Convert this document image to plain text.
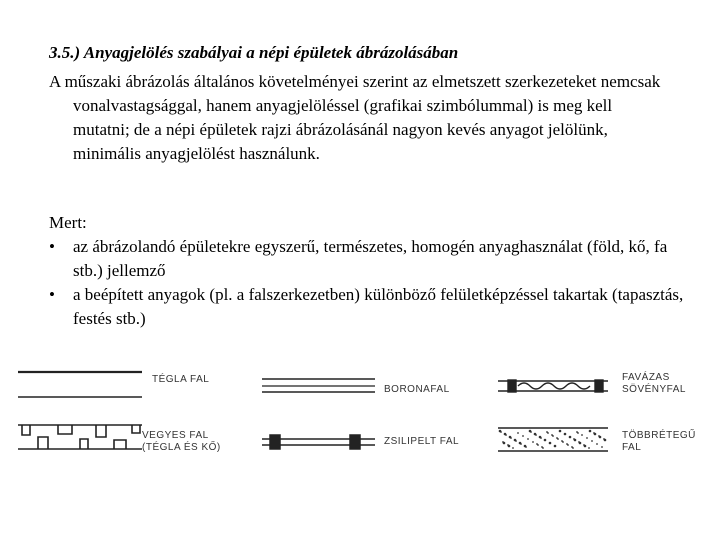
3.5.) Anyagjelölés szabályai a népi épületek ábrázolásában

A műszaki ábrázolás általános követelményei szerint az elmetszett szerkezeteket nemcsak vonalvastagsággal, hanem anyagjelöléssel (grafikai szimbólummal) is meg kell mutatni; de a népi épületek rajzi ábrázolásánál nagyon kevés anyagot jelölünk, minimális anyagjelölést használunk.

Mert:
• az ábrázolandó épületekre egyszerű, természetes, homogén anyaghasználat (föld, kő, fa stb.) jellemző
• a beépített anyagok (pl. a falszerkezetben) különböző felületképzéssel takartak (tapasztás, festés stb.)
TÉGLA FAL
VEGYES FAL
(TÉGLA ÉS KŐ)
BORONAFAL
ZSILIPELT FAL
FAVÁZAS
SÖVÉNYFAL
TÖBBRÉTEGŰ
FAL
